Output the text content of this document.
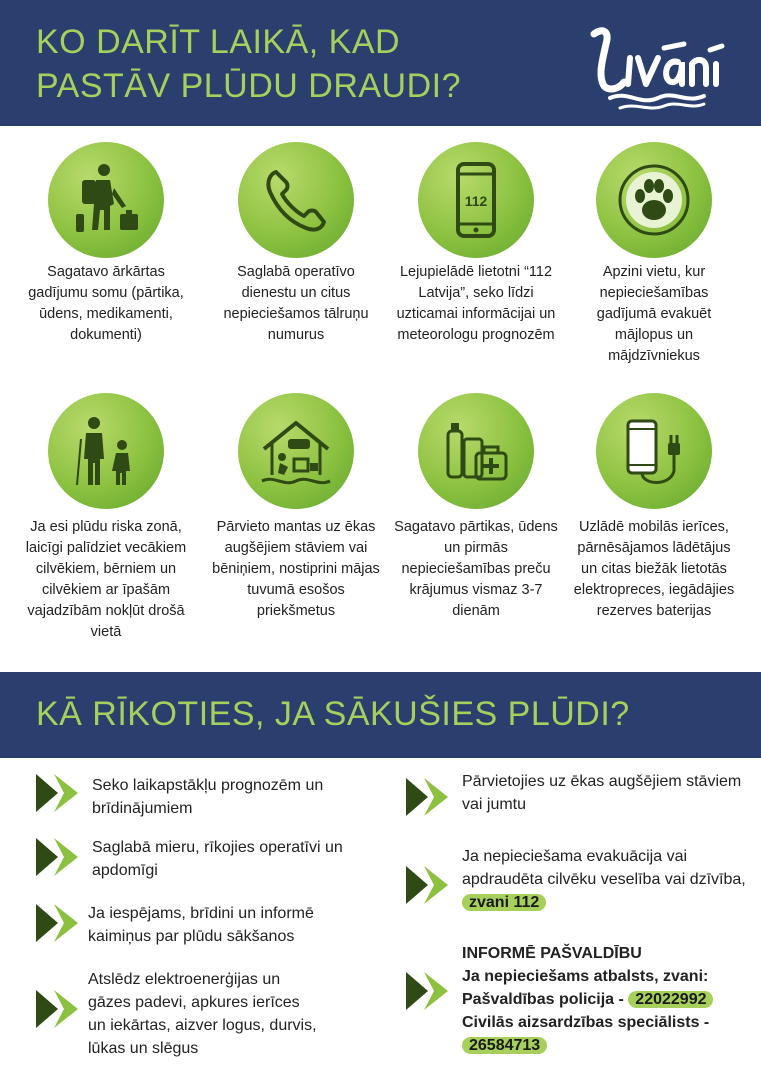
KO DARĪT LAIKĀ, KAD
PASTĀV PLŪDU DRAUDI?
112
Sagatavo ārkārtas gadījumu somu (pārtika, ūdens, medikamenti, dokumenti)
Saglabā operatīvo dienestu un citus nepieciešamos tālruņu numurus
Lejupielādē lietotni “112 Latvija”, seko līdzi uzticamai informācijai un meteorologu prognozēm
Apzini vietu, kur nepieciešamības gadījumā evakuēt mājlopus un mājdzīvniekus
Ja esi plūdu riska zonā, laicīgi palīdziet vecākiem cilvēkiem, bērniem un cilvēkiem ar īpašām vajadzībām nokļūt drošā vietā
Pārvieto mantas uz ēkas augšējiem stāviem vai bēniņiem, nostiprini mājas tuvumā esošos priekšmetus
Sagatavo pārtikas, ūdens un pirmās nepieciešamības preču krājumus vismaz 3-7 dienām
Uzlādē mobilās ierīces, pārnēsājamos lādētājus un citas biežāk lietotās elektropreces, iegādājies rezerves baterijas
KĀ RĪKOTIES, JA SĀKUŠIES PLŪDI?
Seko laikapstākļu prognozēm un brīdinājumiem
Saglabā mieru, rīkojies operatīvi un apdomīgi
Ja iespējams, brīdini un informē kaimiņus par plūdu sākšanos
Atslēdz elektroenerģijas un gāzes padevi, apkures ierīces un iekārtas, aizver logus, durvis, lūkas un slēgus
Pārvietojies uz ēkas augšējiem stāviem vai jumtu
Ja nepieciešama evakuācija vai apdraudēta cilvēku veselība vai dzīvība, zvani 112
INFORMĒ PAŠVALDĪBU
Ja nepieciešams atbalsts, zvani:
Pašvaldības policija - 22022992
Civilās aizsardzības speciālists -
26584713
